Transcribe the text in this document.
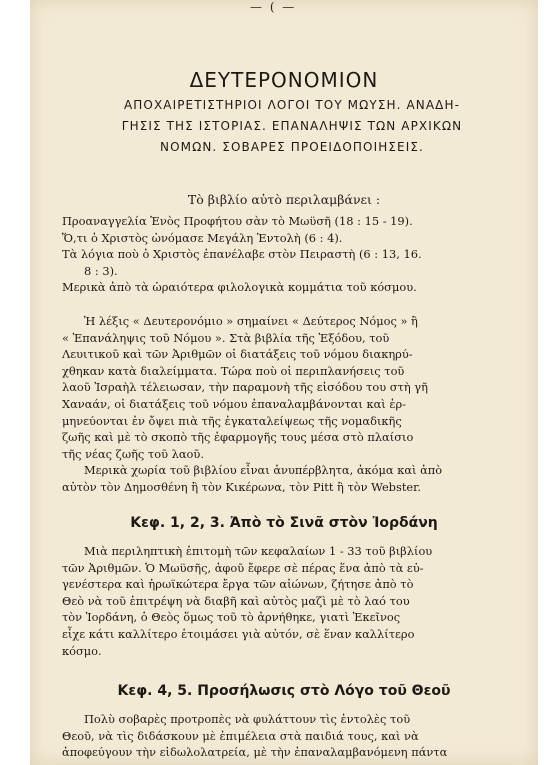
— ( —
ΔΕΥΤΕΡΟΝΟΜΙΟΝ
ΑΠΟΧΑΙΡΕΤΙΣΤΗΡΙΟΙ ΛΟΓΟΙ ΤΟΥ ΜΩΥΣΗ. ΑΝΑΔΗ-
ΓΗΣΙΣ ΤΗΣ ΙΣΤΟΡΙΑΣ. ΕΠΑΝΑΛΗΨΙΣ ΤΩΝ ΑΡΧΙΚΩΝ
ΝΟΜΩΝ. ΣΟΒΑΡΕΣ ΠΡΟΕΙΔΟΠΟΙΗΣΕΙΣ.
Τὸ βιβλίο αὐτὸ περιλαμβάνει :
Προαναγγελία Ἑνὸς Προφήτου σὰν τὸ Μωϋσῆ (18 : 15 - 19).
Ὅ,τι ὁ Χριστὸς ὠνόμασε Μεγάλη Ἐντολὴ (6 : 4).
Τὰ λόγια ποὺ ὁ Χριστὸς ἐπανέλαβε στὸν Πειραστὴ (6 : 13, 16.
8 : 3).
Μερικὰ ἀπὸ τὰ ὡραιότερα φιλολογικὰ κομμάτια τοῦ κόσμου.
Ἡ λέξις « Δευτερονόμιο » σημαίνει « Δεύτερος Νόμος » ἢ
« Ἐπανάληψις τοῦ Νόμου ». Στὰ βιβλία τῆς Ἐξόδου, τοῦ
Λευιτικοῦ καὶ τῶν Ἀριθμῶν οἱ διατάξεις τοῦ νόμου διακηρύ-
χθηκαν κατὰ διαλείμματα. Τώρα ποὺ οἱ περιπλανήσεις τοῦ
λαοῦ Ἰσραὴλ τέλειωσαν, τὴν παραμονὴ τῆς εἰσόδου του στὴ γῆ
Χαναάν, οἱ διατάξεις τοῦ νόμου ἐπαναλαμβάνονται καὶ ἑρ-
μηνεύονται ἐν ὄψει πιὰ τῆς ἐγκαταλείψεως τῆς νομαδικῆς
ζωῆς καὶ μὲ τὸ σκοπὸ τῆς ἐφαρμογῆς τους μέσα στὸ πλαίσιο
τῆς νέας ζωῆς τοῦ λαοῦ.
Μερικὰ χωρία τοῦ βιβλίου εἶναι ἀνυπέρβλητα, ἀκόμα καὶ ἀπὸ
αὐτὸν τὸν Δημοσθένη ἢ τὸν Κικέρωνα, τὸν Pitt ἢ τὸν Webster.
Κεφ. 1, 2, 3. Ἀπὸ τὸ Σινᾶ στὸν Ἰορδάνη
Μιὰ περιληπτικὴ ἐπιτομὴ τῶν κεφαλαίων 1 - 33 τοῦ βιβλίου
τῶν Ἀριθμῶν. Ὁ Μωϋσῆς, ἀφοῦ ἔφερε σὲ πέρας ἕνα ἀπὸ τὰ εὐ-
γενέστερα καὶ ἡρωϊκώτερα ἔργα τῶν αἰώνων, ζήτησε ἀπὸ τὸ
Θεὸ νὰ τοῦ ἐπιτρέψη νὰ διαβῆ καὶ αὐτὸς μαζὶ μὲ τὸ λαό του
τὸν Ἰορδάνη, ὁ Θεὸς ὅμως τοῦ τὸ ἀρνήθηκε, γιατὶ Ἐκεῖνος
εἶχε κάτι καλλίτερο ἑτοιμάσει γιὰ αὐτόν, σὲ ἕναν καλλίτερο
κόσμο.
Κεφ. 4, 5. Προσήλωσις στὸ Λόγο τοῦ Θεοῦ
Πολὺ σοβαρὲς προτροπὲς νὰ φυλάττουν τὶς ἐντολὲς τοῦ
Θεοῦ, νὰ τὶς διδάσκουν μὲ ἐπιμέλεια στὰ παιδιά τους, καὶ νὰ
ἀποφεύγουν τὴν εἰδωλολατρεία, μὲ τὴν ἐπαναλαμβανόμενη πάντα
